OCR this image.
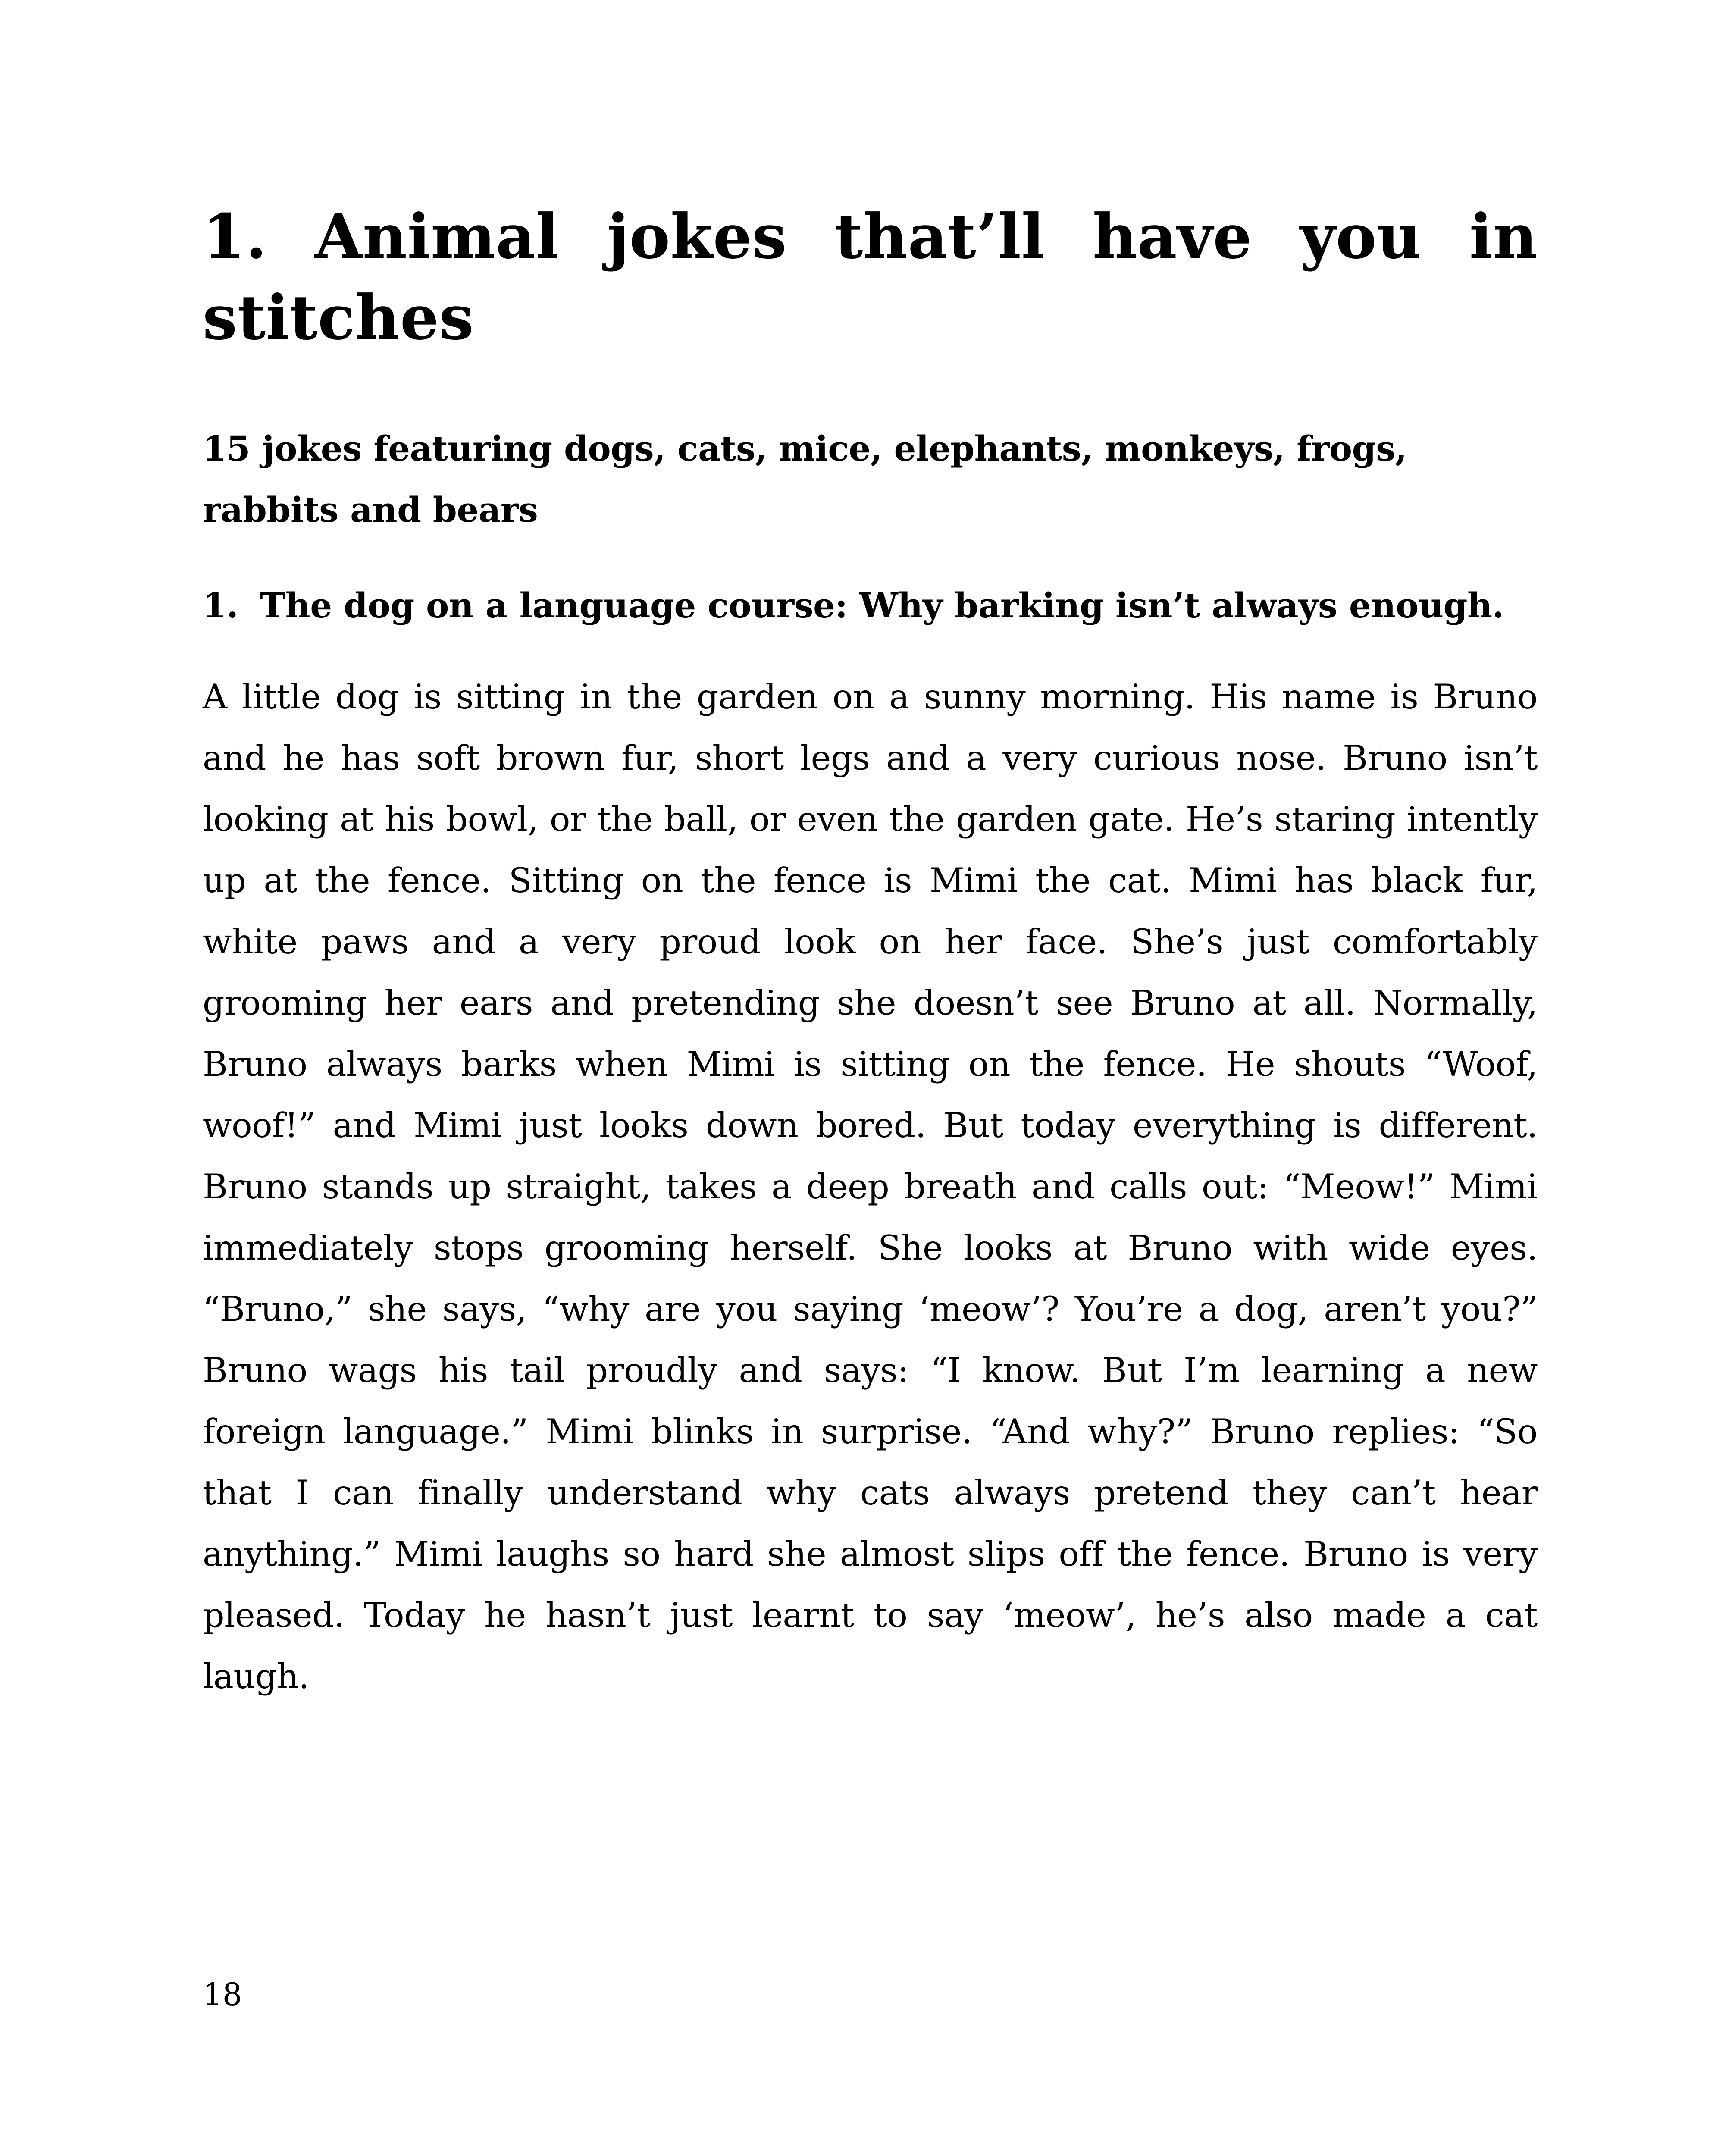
1. Animal jokes that’ll have you in stitches

15 jokes featuring dogs, cats, mice, elephants, monkeys, frogs, rabbits and bears

1. The dog on a language course: Why barking isn’t always enough.

A little dog is sitting in the garden on a sunny morning. His name is Bruno and he has soft brown fur, short legs and a very curious nose. Bruno isn’t looking at his bowl, or the ball, or even the garden gate. He’s staring intently up at the fence. Sitting on the fence is Mimi the cat. Mimi has black fur, white paws and a very proud look on her face. She’s just comfortably grooming her ears and pretending she doesn’t see Bruno at all. Normally, Bruno always barks when Mimi is sitting on the fence. He shouts “Woof, woof!” and Mimi just looks down bored. But today everything is different. Bruno stands up straight, takes a deep breath and calls out: “Meow!” Mimi immediately stops grooming herself. She looks at Bruno with wide eyes. “Bruno,” she says, “why are you saying ‘meow’? You’re a dog, aren’t you?” Bruno wags his tail proudly and says: “I know. But I’m learning a new foreign language.” Mimi blinks in surprise. “And why?” Bruno replies: “So that I can finally understand why cats always pretend they can’t hear anything.” Mimi laughs so hard she almost slips off the fence. Bruno is very pleased. Today he hasn’t just learnt to say ‘meow’, he’s also made a cat laugh.

18
